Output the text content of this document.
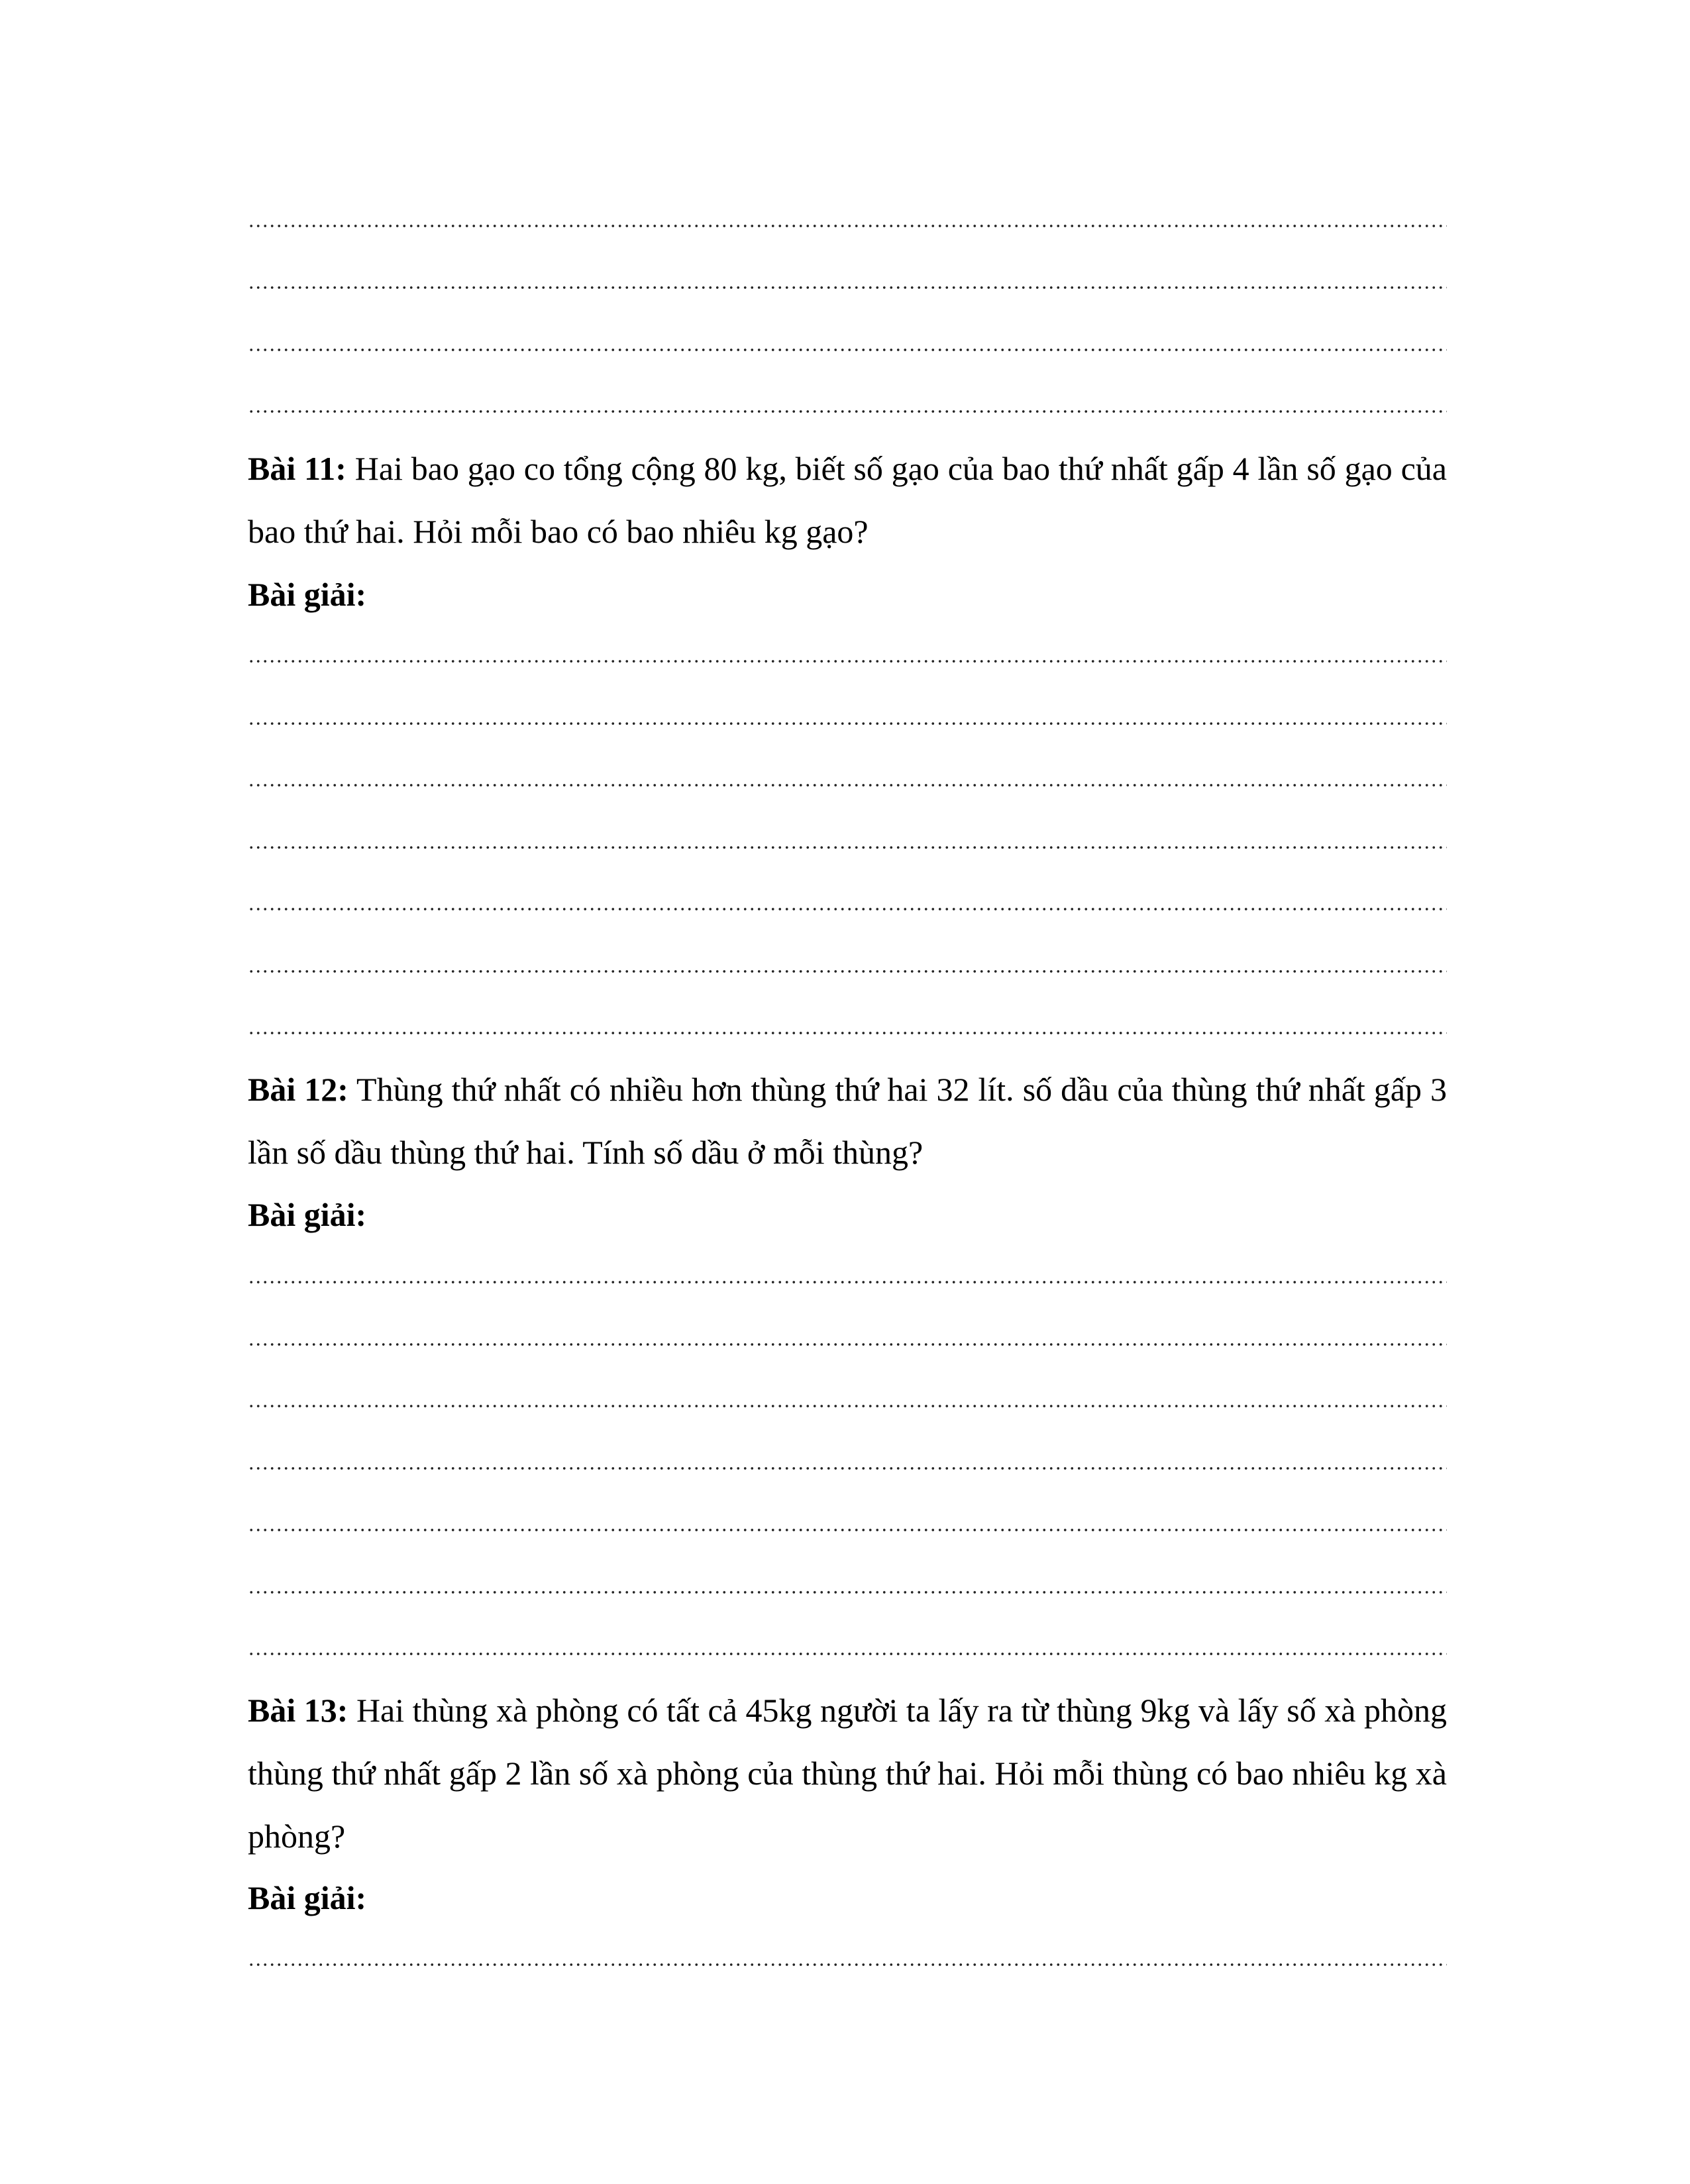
Bài 11: Hai bao gạo co tổng cộng 80 kg, biết số gạo của bao thứ nhất gấp 4 lần số gạo của bao thứ hai. Hỏi mỗi bao có bao nhiêu kg gạo?
Bài giải:
Bài 12: Thùng thứ nhất có nhiều hơn thùng thứ hai 32 lít. số dầu của thùng thứ nhất gấp 3 lần số dầu thùng thứ hai. Tính số dầu ở mỗi thùng?
Bài giải:
Bài 13: Hai thùng xà phòng có tất cả 45kg người ta lấy ra từ thùng 9kg và lấy số xà phòng thùng thứ nhất gấp 2 lần số xà phòng của thùng thứ hai. Hỏi mỗi thùng có bao nhiêu kg xà phòng?
Bài giải:
